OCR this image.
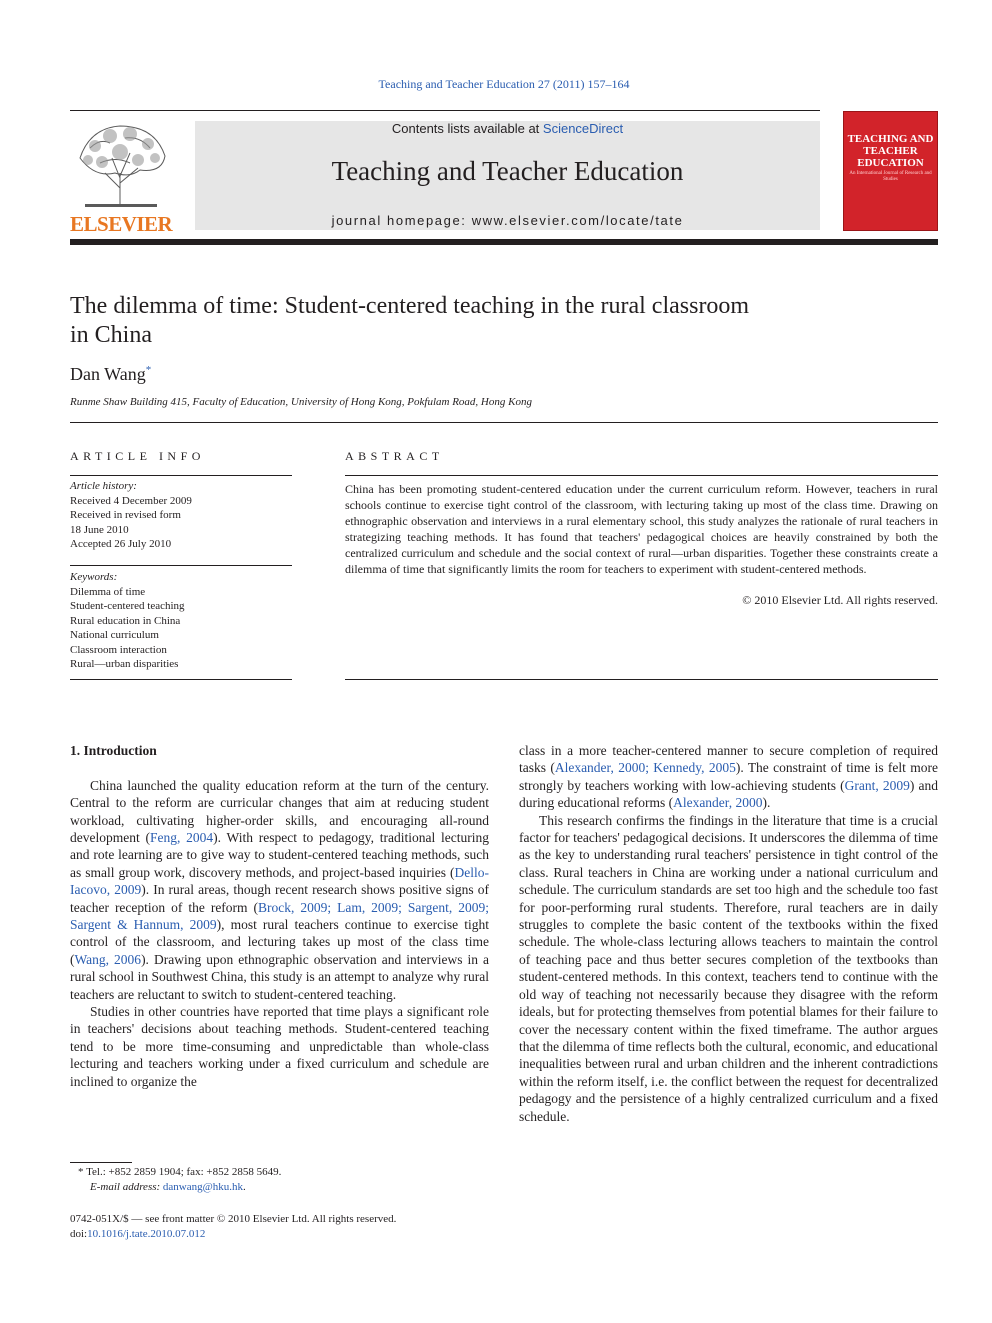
Teaching and Teacher Education 27 (2011) 157–164
ELSEVIER
Contents lists available at ScienceDirect
Teaching and Teacher Education
journal homepage: www.elsevier.com/locate/tate
TEACHING AND TEACHER EDUCATION
An International Journal of Research and Studies
The dilemma of time: Student-centered teaching in the rural classroom in China
Dan Wang*
Runme Shaw Building 415, Faculty of Education, University of Hong Kong, Pokfulam Road, Hong Kong
ARTICLE INFO
Article history:
Received 4 December 2009
Received in revised form
18 June 2010
Accepted 26 July 2010
Keywords:
Dilemma of time
Student-centered teaching
Rural education in China
National curriculum
Classroom interaction
Rural—urban disparities
ABSTRACT
China has been promoting student-centered education under the current curriculum reform. However, teachers in rural schools continue to exercise tight control of the classroom, with lecturing taking up most of the class time. Drawing on ethnographic observation and interviews in a rural elementary school, this study analyzes the rationale of rural teachers in strategizing teaching methods. It has found that teachers' pedagogical choices are heavily constrained by both the centralized curriculum and schedule and the social context of rural—urban disparities. Together these constraints create a dilemma of time that significantly limits the room for teachers to experiment with student-centered methods.
© 2010 Elsevier Ltd. All rights reserved.

1. Introduction

China launched the quality education reform at the turn of the century. Central to the reform are curricular changes that aim at reducing student workload, cultivating higher-order skills, and encouraging all-round development (Feng, 2004). With respect to pedagogy, traditional lecturing and rote learning are to give way to student-centered teaching methods, such as small group work, discovery methods, and project-based inquiries (Dello-Iacovo, 2009). In rural areas, though recent research shows positive signs of teacher reception of the reform (Brock, 2009; Lam, 2009; Sargent, 2009; Sargent & Hannum, 2009), most rural teachers continue to exercise tight control of the classroom, and lecturing takes up most of the class time (Wang, 2006). Drawing upon ethnographic observation and interviews in a rural school in Southwest China, this study is an attempt to analyze why rural teachers are reluctant to switch to student-centered teaching.

Studies in other countries have reported that time plays a significant role in teachers' decisions about teaching methods. Student-centered teaching tend to be more time-consuming and unpredictable than whole-class lecturing and teachers working under a fixed curriculum and schedule are inclined to organize the

class in a more teacher-centered manner to secure completion of required tasks (Alexander, 2000; Kennedy, 2005). The constraint of time is felt more strongly by teachers working with low-achieving students (Grant, 2009) and during educational reforms (Alexander, 2000).

This research confirms the findings in the literature that time is a crucial factor for teachers' pedagogical decisions. It underscores the dilemma of time as the key to understanding rural teachers' persistence in tight control of the class. Rural teachers in China are working under a national curriculum and schedule. The curriculum standards are set too high and the schedule too fast for poor-performing rural students. Therefore, rural teachers are in daily struggles to complete the basic content of the textbooks within the fixed schedule. The whole-class lecturing allows teachers to maintain the control of teaching pace and thus better secures completion of the textbooks than student-centered methods. In this context, teachers tend to continue with the old way of teaching not necessarily because they disagree with the reform ideals, but for protecting themselves from potential blames for their failure to cover the necessary content within the fixed timeframe. The author argues that the dilemma of time reflects both the cultural, economic, and educational inequalities between rural and urban children and the inherent contradictions within the reform itself, i.e. the conflict between the request for decentralized pedagogy and the persistence of a highly centralized curriculum and a fixed schedule.

* Tel.: +852 2859 1904; fax: +852 2858 5649.
E-mail address: danwang@hku.hk.
0742-051X/$ — see front matter © 2010 Elsevier Ltd. All rights reserved.
doi:10.1016/j.tate.2010.07.012
